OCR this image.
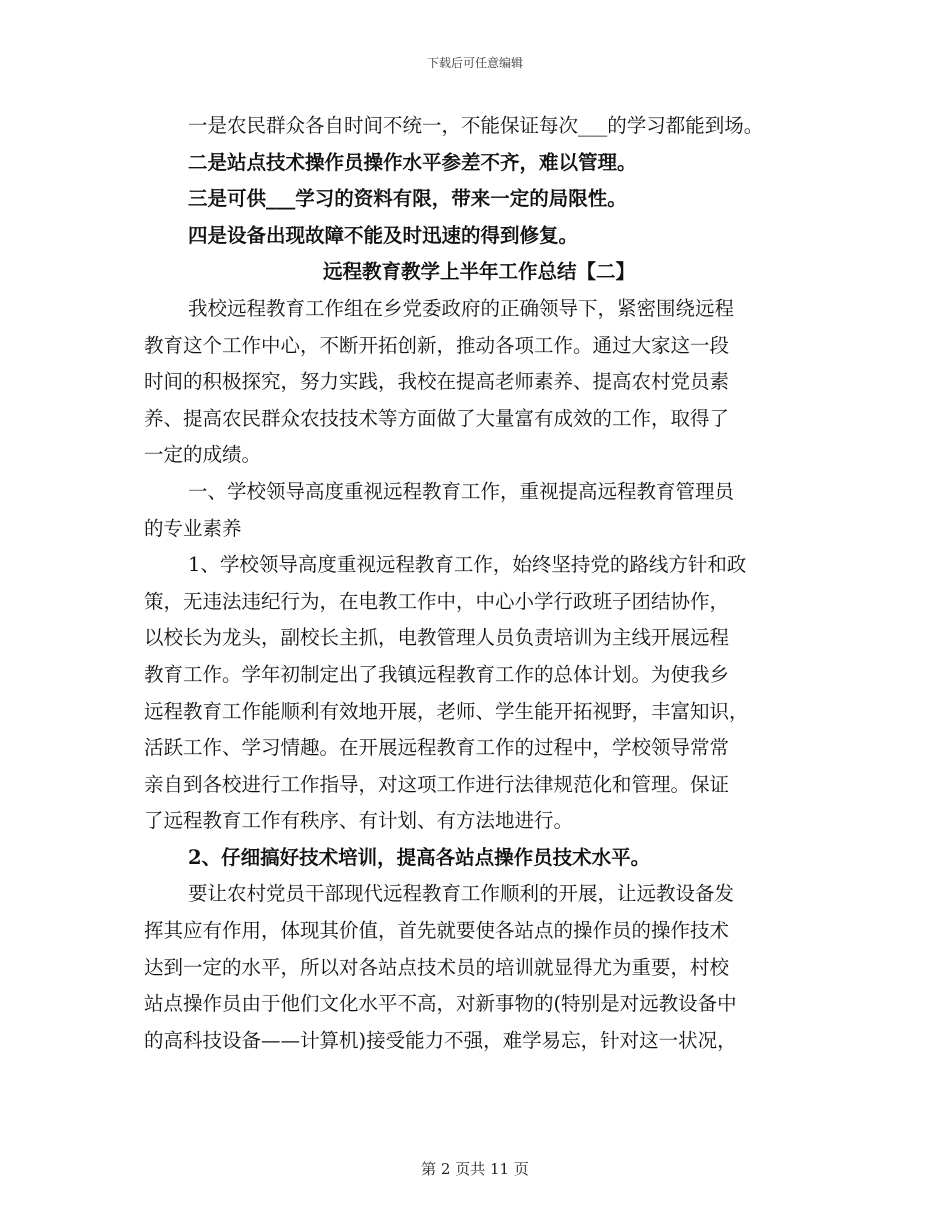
下载后可任意编辑
一是农民群众各自时间不统一，不能保证每次___的学习都能到场。
二是站点技术操作员操作水平参差不齐，难以管理。
三是可供___学习的资料有限，带来一定的局限性。
四是设备出现故障不能及时迅速的得到修复。
远程教育教学上半年工作总结【二】
我校远程教育工作组在乡党委政府的正确领导下，紧密围绕远程
教育这个工作中心，不断开拓创新，推动各项工作。通过大家这一段
时间的积极探究，努力实践，我校在提高老师素养、提高农村党员素
养、提高农民群众农技技术等方面做了大量富有成效的工作，取得了
一定的成绩。
一、学校领导高度重视远程教育工作，重视提高远程教育管理员
的专业素养
1、学校领导高度重视远程教育工作，始终坚持党的路线方针和政
策，无违法违纪行为，在电教工作中，中心小学行政班子团结协作，
以校长为龙头，副校长主抓，电教管理人员负责培训为主线开展远程
教育工作。学年初制定出了我镇远程教育工作的总体计划。为使我乡
远程教育工作能顺利有效地开展，老师、学生能开拓视野，丰富知识，
活跃工作、学习情趣。在开展远程教育工作的过程中，学校领导常常
亲自到各校进行工作指导，对这项工作进行法律规范化和管理。保证
了远程教育工作有秩序、有计划、有方法地进行。
2、仔细搞好技术培训，提高各站点操作员技术水平。
要让农村党员干部现代远程教育工作顺利的开展，让远教设备发
挥其应有作用，体现其价值，首先就要使各站点的操作员的操作技术
达到一定的水平，所以对各站点技术员的培训就显得尤为重要，村校
站点操作员由于他们文化水平不高，对新事物的(特别是对远教设备中
的高科技设备——计算机)接受能力不强，难学易忘，针对这一状况，
第 2 页共 11 页
